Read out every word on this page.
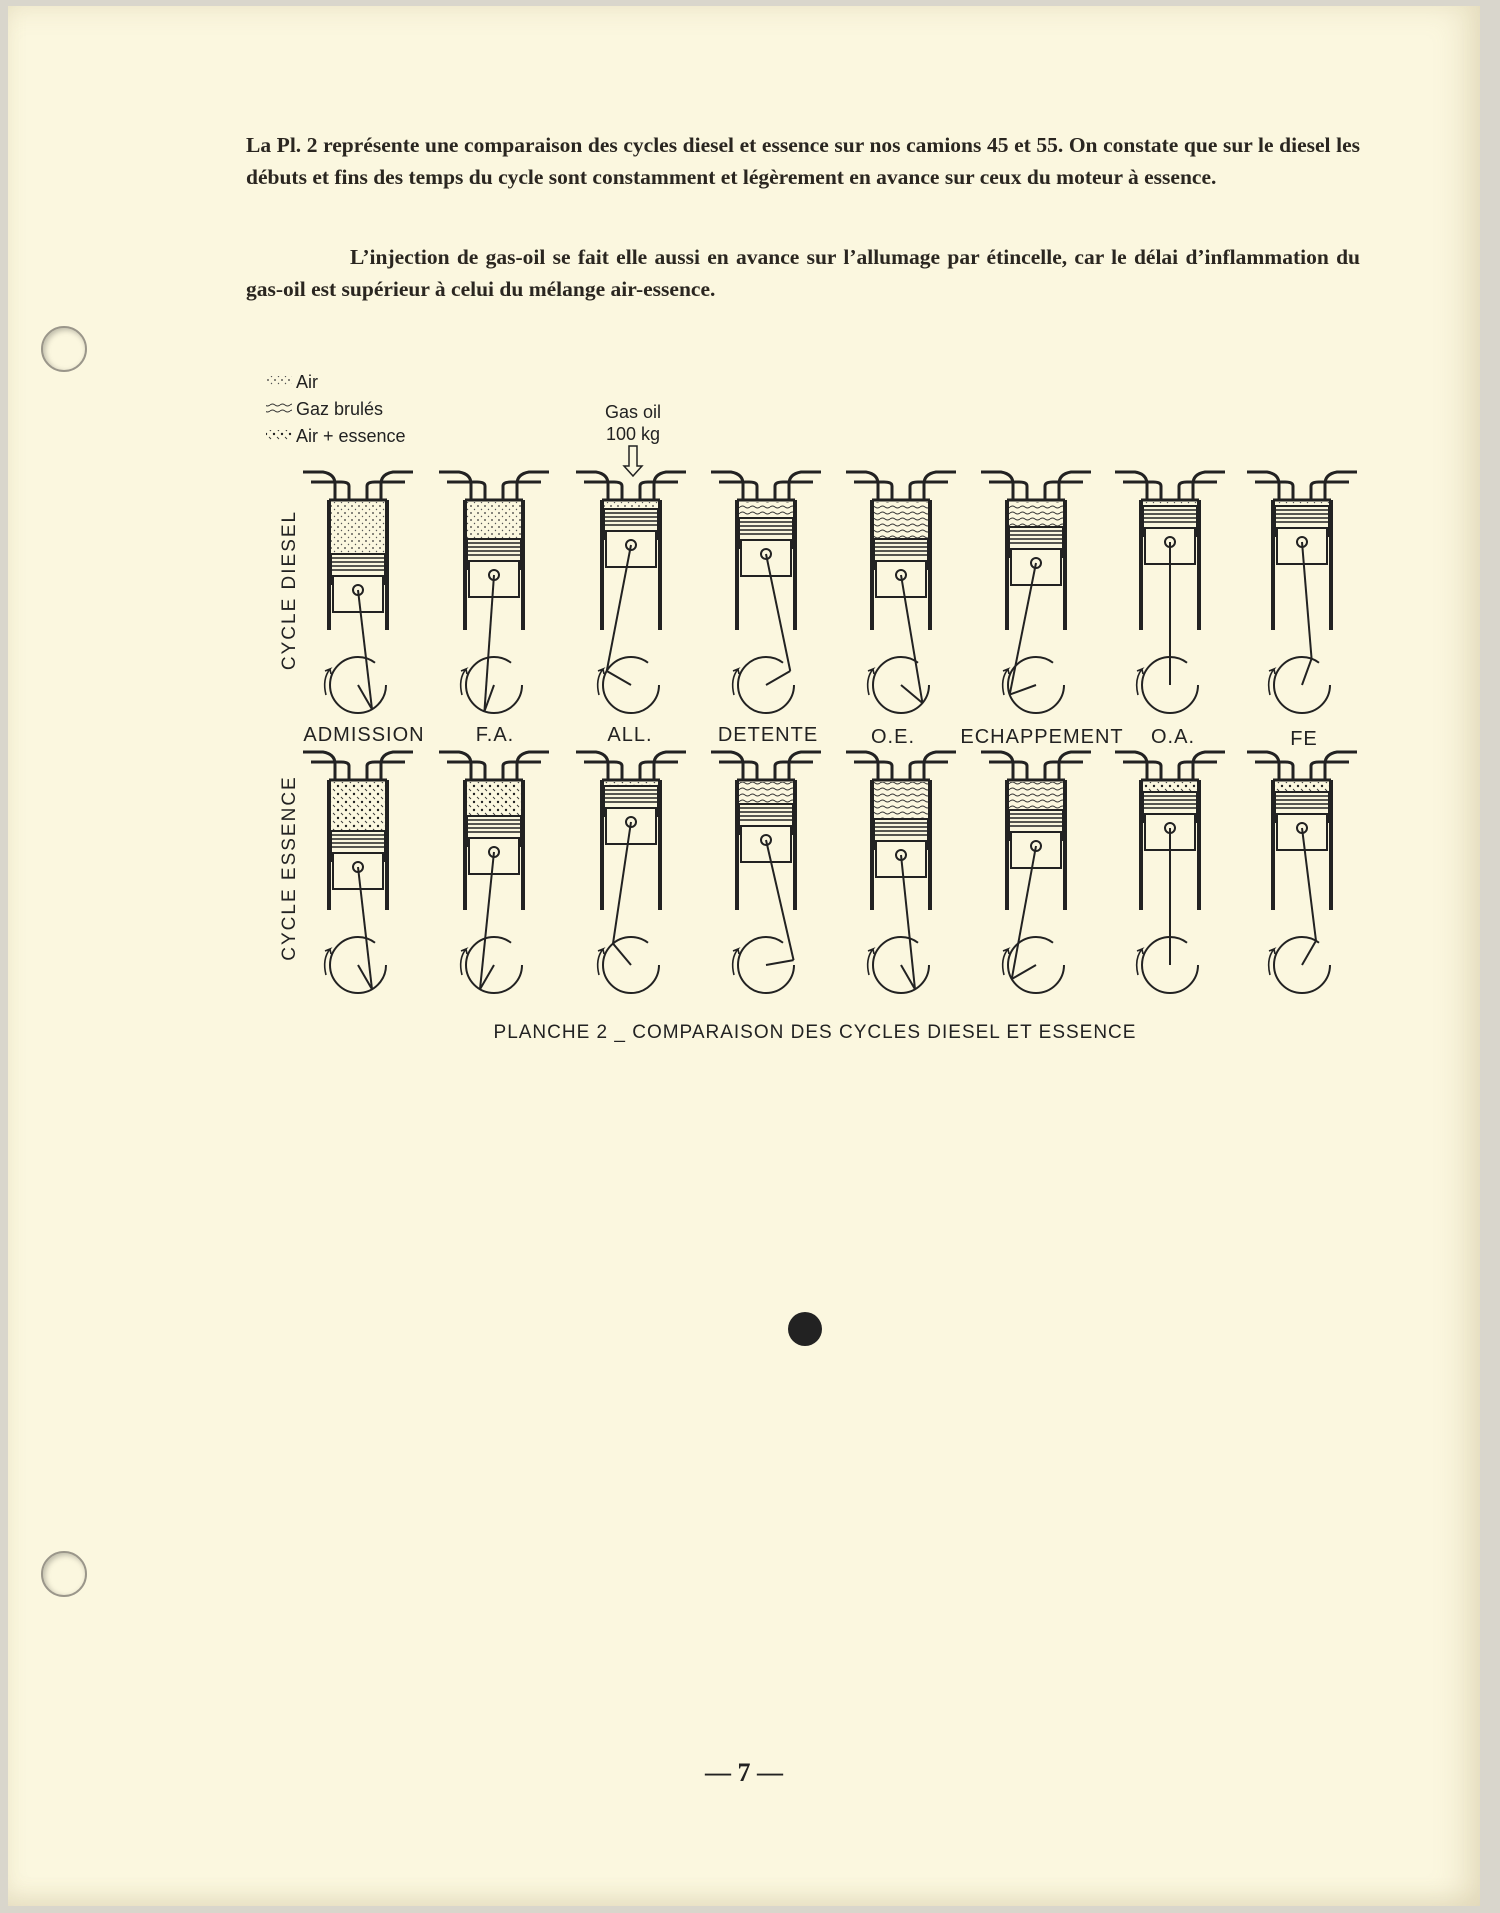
La Pl. 2 représente une comparaison des cycles diesel et essence sur nos camions 45 et 55. On constate que sur le diesel les débuts et fins des temps du cycle sont constamment et légèrement en avance sur ceux du moteur à essence.

L’injection de gas-oil se fait elle aussi en avance sur l’allumage par étincelle, car le délai d’inflammation du gas-oil est supérieur à celui du mélange air-essence.

— 7 —
Air
Gaz brulés
Air + essence
Gas oil
100 kg
CYCLE DIESEL
CYCLE ESSENCE
ADMISSION	F.A.	ALL.	DETENTE	O.E. ECHAPPEMENT O.A.	FE
PLANCHE 2 _ COMPARAISON DES CYCLES DIESEL ET ESSENCE
